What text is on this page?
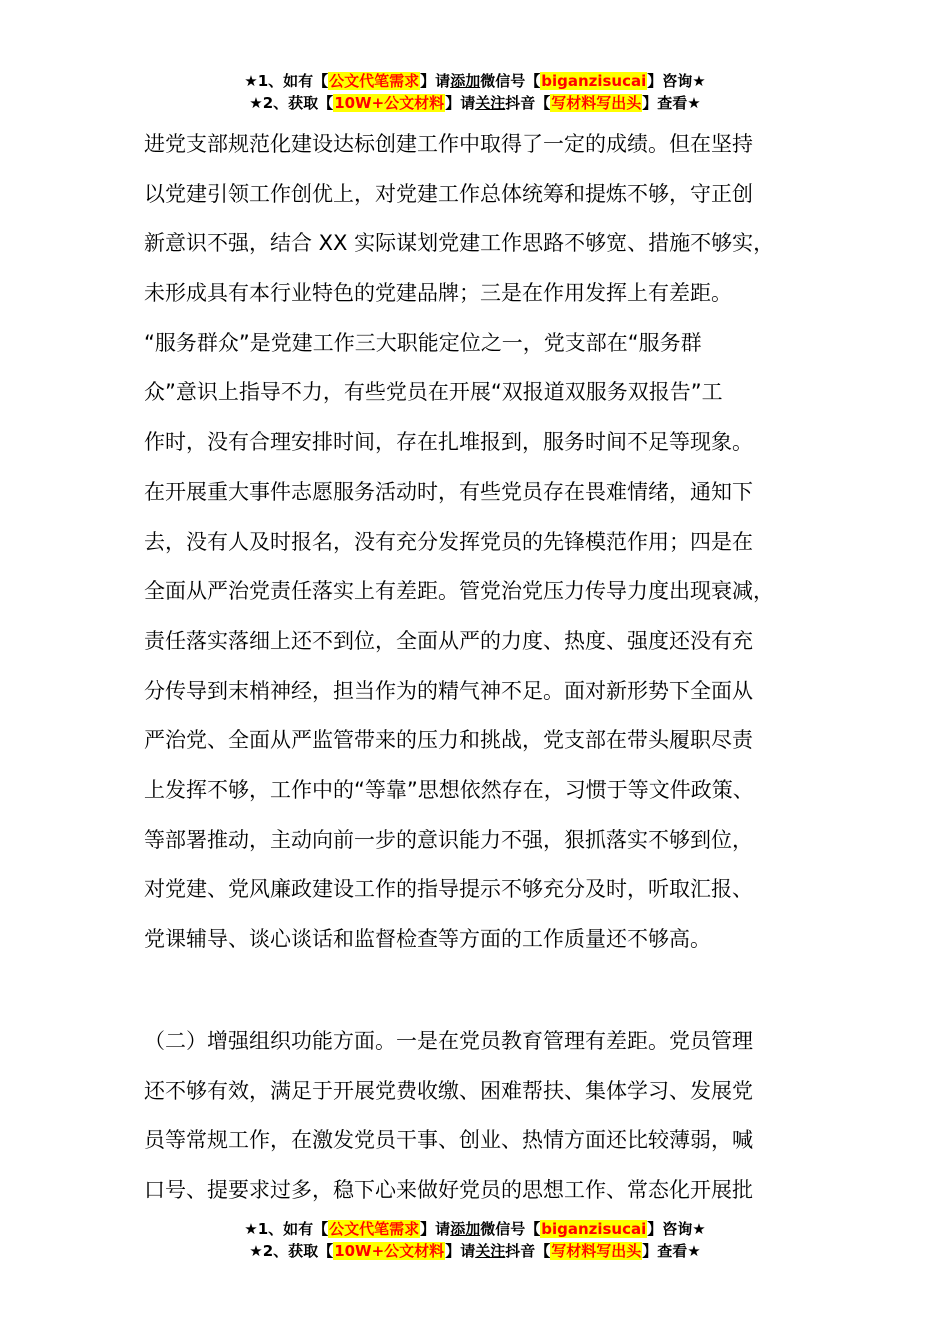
★1、如有【公文代笔需求】请添加微信号【biganzisucai】咨询★
★2、获取【10W+公文材料】请关注抖音【写材料写出头】查看★
进党支部规范化建设达标创建工作中取得了一定的成绩。但在坚持
以党建引领工作创优上，对党建工作总体统筹和提炼不够，守正创
新意识不强，结合 XX 实际谋划党建工作思路不够宽、措施不够实，
未形成具有本行业特色的党建品牌；三是在作用发挥上有差距。
“服务群众”是党建工作三大职能定位之一，党支部在“服务群
众”意识上指导不力，有些党员在开展“双报道双服务双报告”工
作时，没有合理安排时间，存在扎堆报到，服务时间不足等现象。
在开展重大事件志愿服务活动时，有些党员存在畏难情绪，通知下
去，没有人及时报名，没有充分发挥党员的先锋模范作用；四是在
全面从严治党责任落实上有差距。管党治党压力传导力度出现衰减，
责任落实落细上还不到位，全面从严的力度、热度、强度还没有充
分传导到末梢神经，担当作为的精气神不足。面对新形势下全面从
严治党、全面从严监管带来的压力和挑战，党支部在带头履职尽责
上发挥不够，工作中的“等靠”思想依然存在，习惯于等文件政策、
等部署推动，主动向前一步的意识能力不强，狠抓落实不够到位，
对党建、党风廉政建设工作的指导提示不够充分及时，听取汇报、
党课辅导、谈心谈话和监督检查等方面的工作质量还不够高。
（二）增强组织功能方面。一是在党员教育管理有差距。党员管理
还不够有效，满足于开展党费收缴、困难帮扶、集体学习、发展党
员等常规工作，在激发党员干事、创业、热情方面还比较薄弱，喊
口号、提要求过多，稳下心来做好党员的思想工作、常态化开展批
★1、如有【公文代笔需求】请添加微信号【biganzisucai】咨询★
★2、获取【10W+公文材料】请关注抖音【写材料写出头】查看★
